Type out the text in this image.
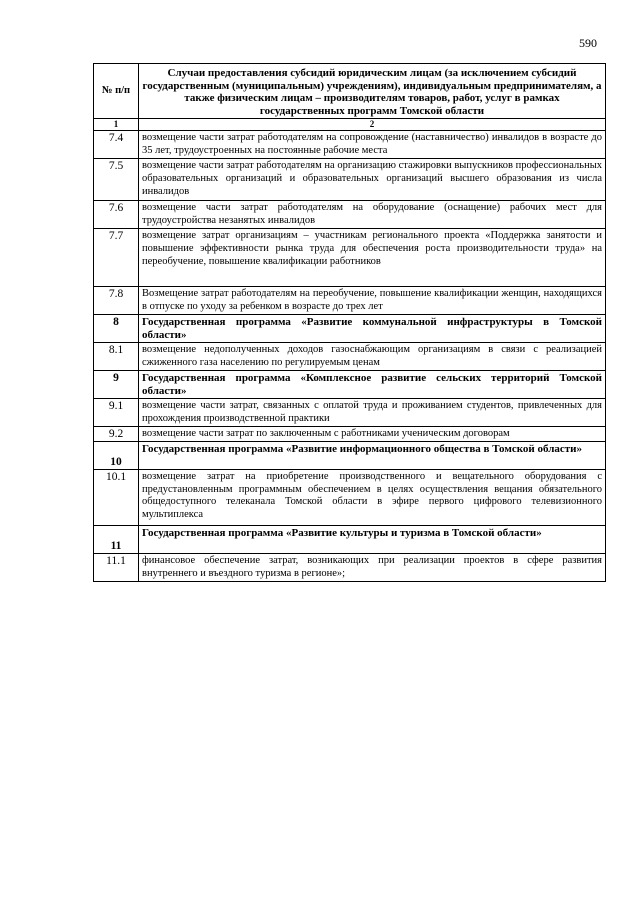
590
№ п/п	Случаи предоставления субсидий юридическим лицам (за исключением субсидий государственным (муниципальным) учреждениям), индивидуальным предпринимателям, а также физическим лицам – производителям товаров, работ, услуг в рамках государственных программ Томской области
1	2
7.4	возмещение части затрат работодателям на сопровождение (наставничество) инвалидов в возрасте до 35 лет, трудоустроенных на постоянные рабочие места
7.5	возмещение части затрат работодателям на организацию стажировки выпускников профессиональных образовательных организаций и образовательных организаций высшего образования из числа инвалидов
7.6	возмещение части затрат работодателям на оборудование (оснащение) рабочих мест для трудоустройства незанятых инвалидов
7.7	возмещение затрат организациям – участникам регионального проекта «Поддержка занятости и повышение эффективности рынка труда для обеспечения роста производительности труда» на переобучение, повышение квалификации работников
7.8	Возмещение затрат работодателям на переобучение, повышение квалификации женщин, находящихся в отпуске по уходу за ребенком в возрасте до трех лет
8	Государственная программа «Развитие коммунальной инфраструктуры в Томской области»
8.1	возмещение недополученных доходов газоснабжающим организациям в связи с реализацией сжиженного газа населению по регулируемым ценам
9	Государственная программа «Комплексное развитие сельских территорий Томской области»
9.1	возмещение части затрат, связанных с оплатой труда и проживанием студентов, привлеченных для прохождения производственной практики
9.2	возмещение части затрат по заключенным с работниками ученическим договорам
10	Государственная программа «Развитие информационного общества в Томской области»
10.1	возмещение затрат на приобретение производственного и вещательного оборудования с предустановленным программным обеспечением в целях осуществления вещания обязательного общедоступного телеканала Томской области в эфире первого цифрового телевизионного мультиплекса
11	Государственная программа «Развитие культуры и туризма в Томской области»
11.1	финансовое обеспечение затрат, возникающих при реализации проектов в сфере развития внутреннего и въездного туризма в регионе»;
